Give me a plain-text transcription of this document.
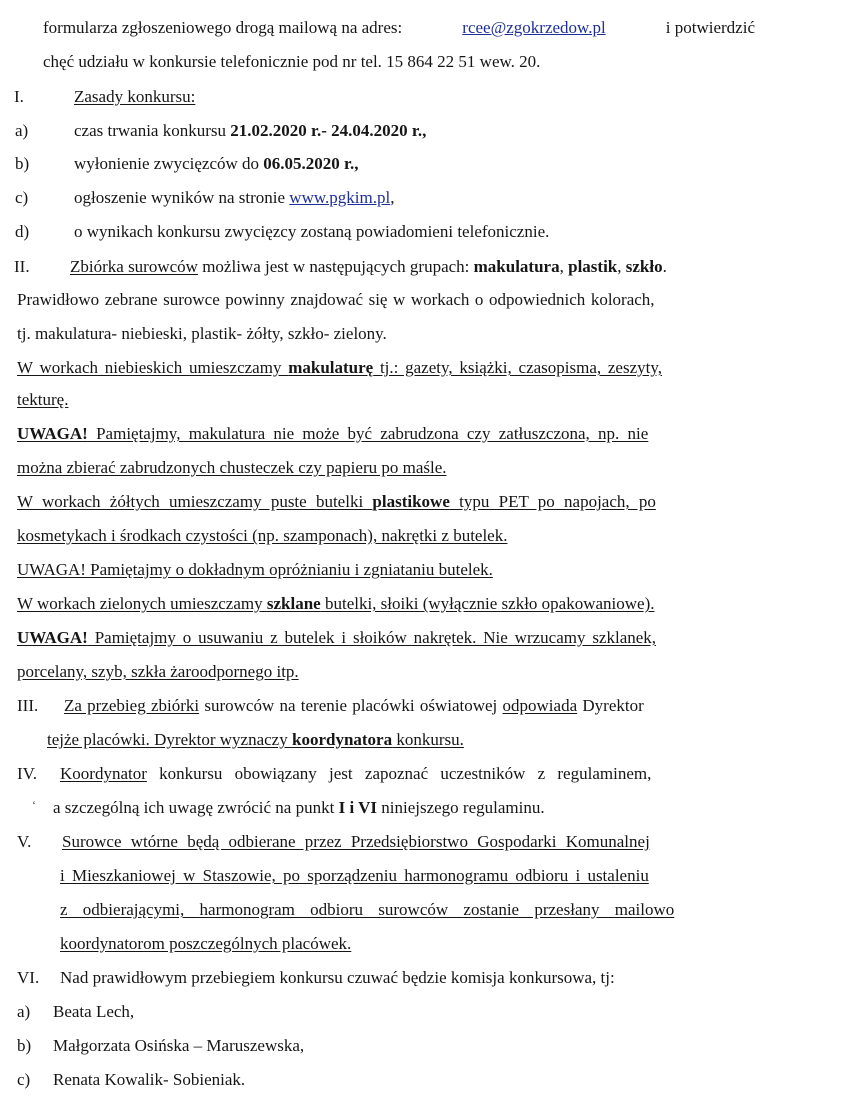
formularza zgłoszeniowego drogą mailową na adres:	rcee@zgokrzedow.pl	i potwierdzić
chęć udziału w konkursie telefonicznie pod nr tel. 15 864 22 51 wew. 20.
I.	Zasady konkursu:
a)	czas trwania konkursu 21.02.2020 r.- 24.04.2020 r.,
b)	wyłonienie zwycięzców do 06.05.2020 r.,
c)	ogłoszenie wyników na stronie www.pgkim.pl,
d)	o wynikach konkursu zwycięzcy zostaną powiadomieni telefonicznie.
II. Zbiórka surowców możliwa jest w następujących grupach: makulatura, plastik, szkło.
Prawidłowo zebrane surowce powinny znajdować się w workach o odpowiednich kolorach,
tj. makulatura- niebieski, plastik- żółty, szkło- zielony.
W workach niebieskich umieszczamy makulaturę tj.: gazety, książki, czasopisma, zeszyty,
tekturę.
UWAGA! Pamiętajmy, makulatura nie może być zabrudzona czy zatłuszczona, np. nie
można zbierać zabrudzonych chusteczek czy papieru po maśle.
W workach żółtych umieszczamy puste butelki plastikowe typu PET po napojach, po
kosmetykach i środkach czystości (np. szamponach), nakrętki z butelek.
UWAGA! Pamiętajmy o dokładnym opróżnianiu i zgniataniu butelek.
W workach zielonych umieszczamy szklane butelki, słoiki (wyłącznie szkło opakowaniowe).
UWAGA! Pamiętajmy o usuwaniu z butelek i słoików nakrętek. Nie wrzucamy szklanek,
porcelany, szyb, szkła żaroodpornego itp.
III. Za przebieg zbiórki surowców na terenie placówki oświatowej odpowiada Dyrektor
tejże placówki. Dyrektor wyznaczy koordynatora konkursu.
IV. Koordynator konkursu obowiązany jest zapoznać uczestników z regulaminem,
ʻ a szczególną ich uwagę zwrócić na punkt I i VI niniejszego regulaminu.
V. Surowce wtórne będą odbierane przez Przedsiębiorstwo Gospodarki Komunalnej
i Mieszkaniowej w Staszowie, po sporządzeniu harmonogramu odbioru i ustaleniu
z odbierającymi, harmonogram odbioru surowców zostanie przesłany mailowo
koordynatorom poszczególnych placówek.
VI. Nad prawidłowym przebiegiem konkursu czuwać będzie komisja konkursowa, tj:
a) Beata Lech,
b) Małgorzata Osińska – Maruszewska,
c) Renata Kowalik- Sobieniak.
